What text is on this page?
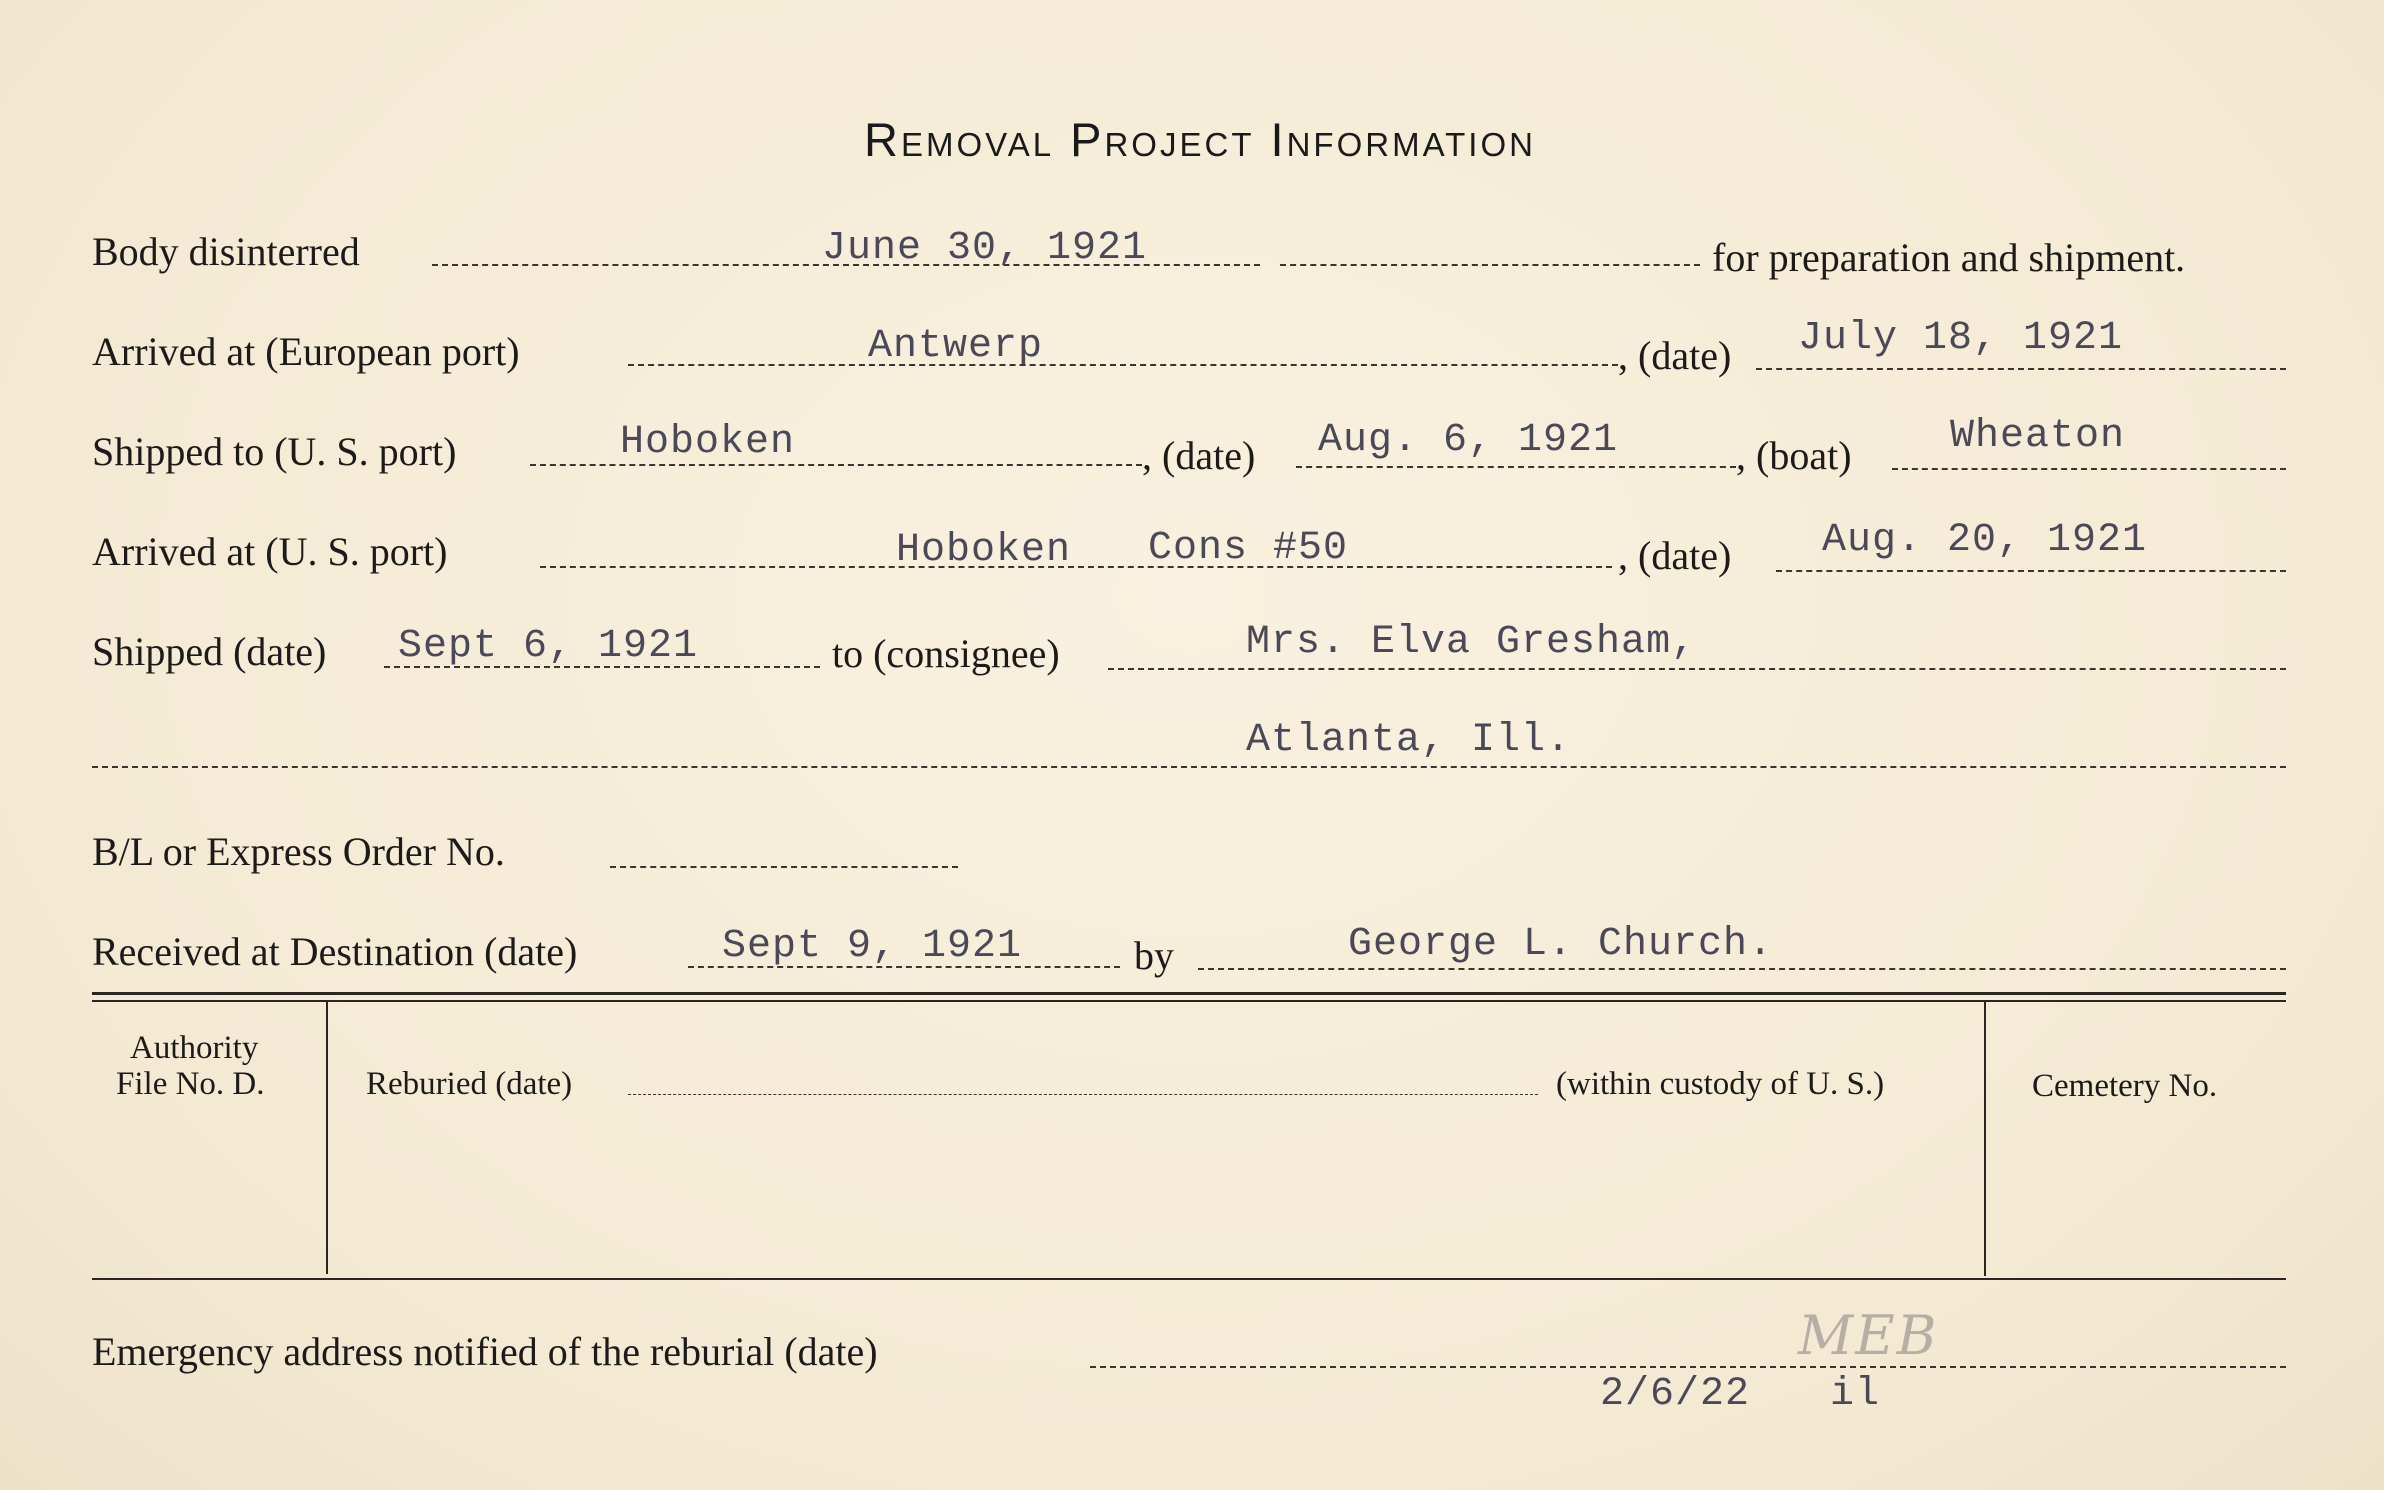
Removal Project Information
Body disinterred	June 30, 1921	for preparation and shipment.
Arrived at (European port)	Antwerp	, (date) July 18, 1921
Shipped to (U. S. port)	Hoboken	, (date) Aug. 6, 1921	, (boat) Wheaton
Arrived at (U. S. port)	Hoboken Cons #50	, (date) Aug. 20, 1921
Shipped (date) Sept 6, 1921	to (consignee)	Mrs. Elva Gresham,
Atlanta, Ill.
B/L or Express Order No.
Received at Destination (date)	Sept 9, 1921	by	George L. Church.
Authority
File No. D.	Reburied (date)	(within custody of U. S.)	Cemetery No.
Emergency address notified of the reburial (date)	MEB
2/6/22 il
